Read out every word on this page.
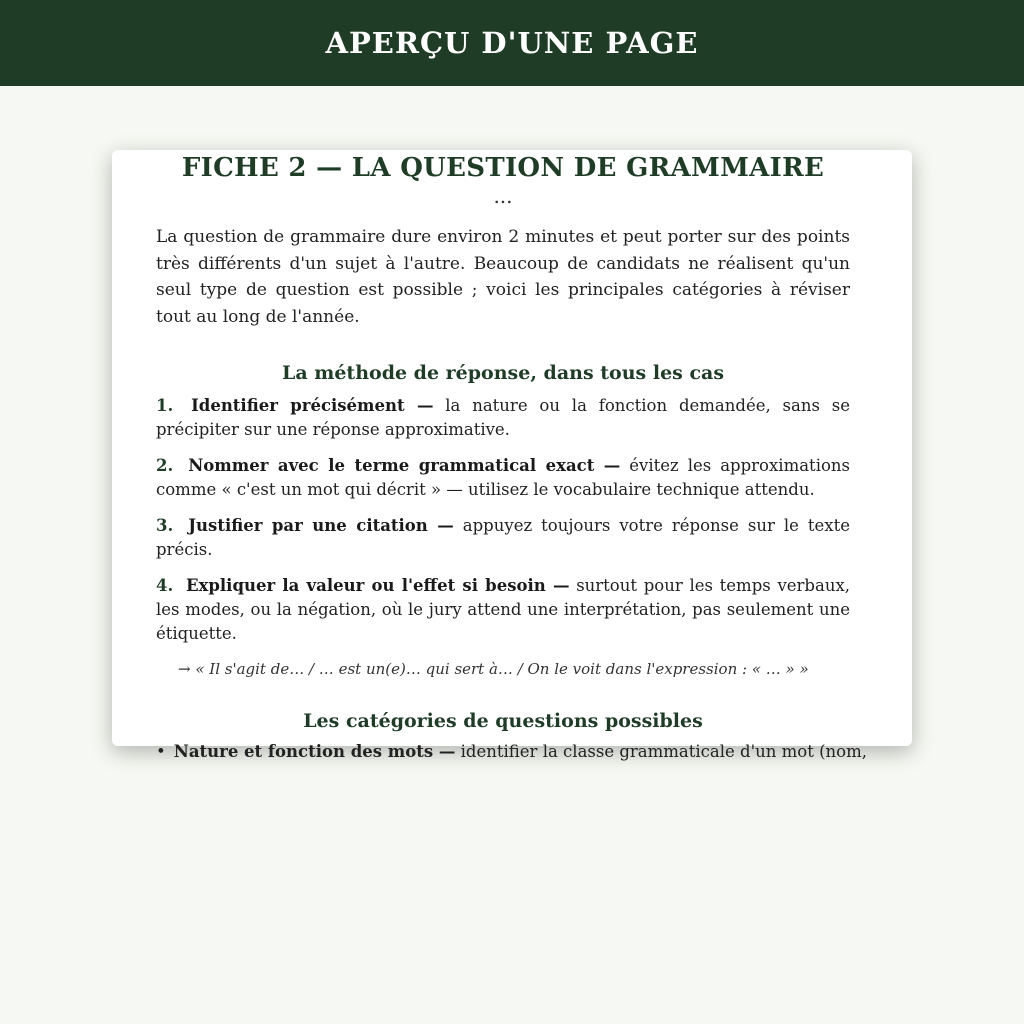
APERÇU D'UNE PAGE
FICHE 2 — LA QUESTION DE GRAMMAIRE
...

La question de grammaire dure environ 2 minutes et peut porter sur des points très différents d'un sujet à l'autre. Beaucoup de candidats ne réalisent qu'un seul type de question est possible ; voici les principales catégories à réviser tout au long de l'année.

La méthode de réponse, dans tous les cas

1. Identifier précisément — la nature ou la fonction demandée, sans se précipiter sur une réponse approximative.

2. Nommer avec le terme grammatical exact — évitez les approximations comme « c'est un mot qui décrit » — utilisez le vocabulaire technique attendu.

3. Justifier par une citation — appuyez toujours votre réponse sur le texte précis.

4. Expliquer la valeur ou l'effet si besoin — surtout pour les temps verbaux, les modes, ou la négation, où le jury attend une interprétation, pas seulement une étiquette.

→ « Il s'agit de… / … est un(e)… qui sert à… / On le voit dans l'expression : « … » »
Les catégories de questions possibles

• Nature et fonction des mots — identifier la classe grammaticale d'un mot (nom,
